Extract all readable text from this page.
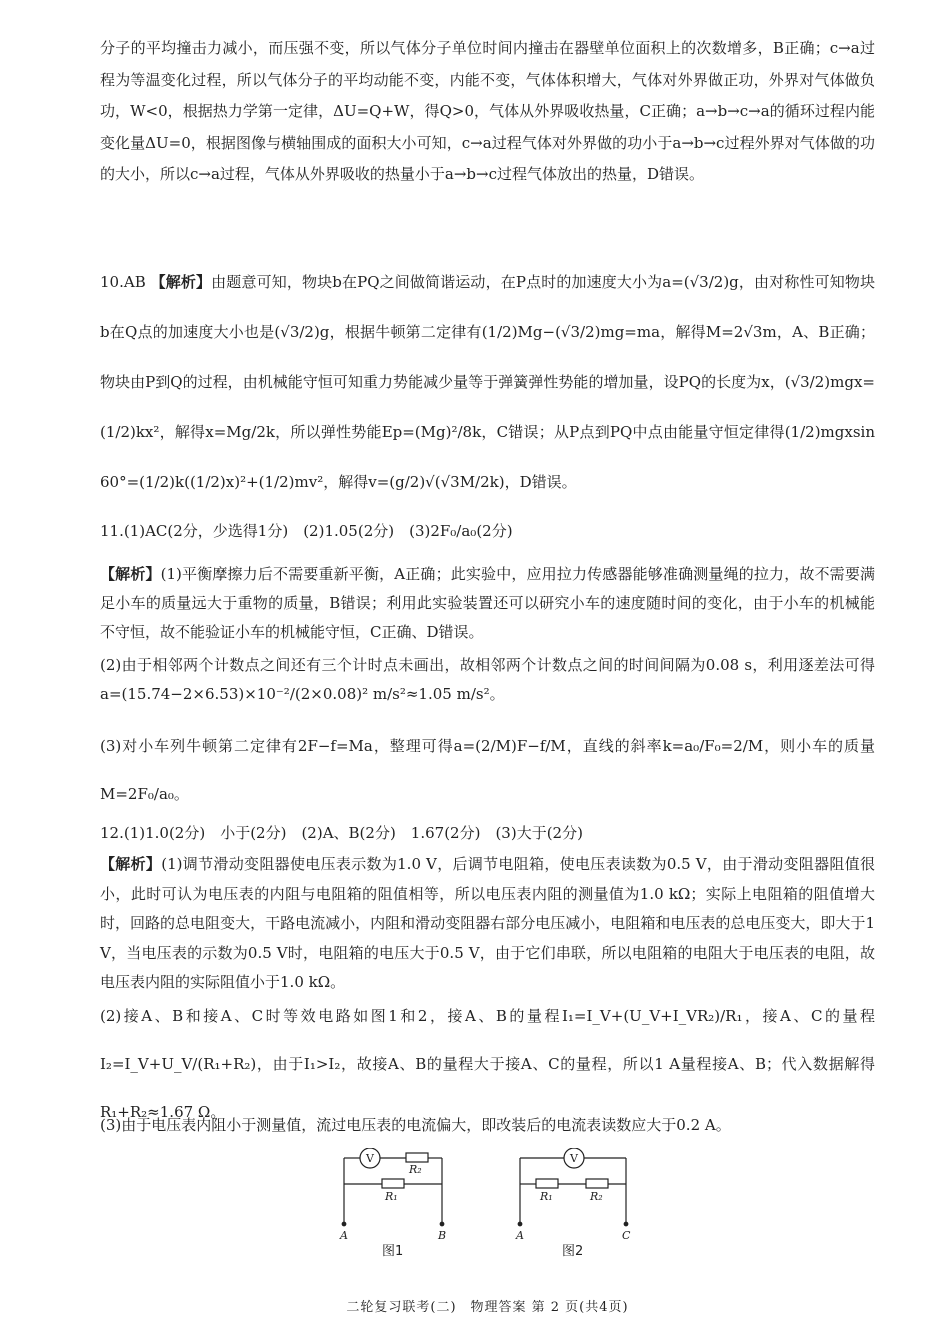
分子的平均撞击力减小，而压强不变，所以气体分子单位时间内撞击在器壁单位面积上的次数增多，B正确；c→a过程为等温变化过程，所以气体分子的平均动能不变，内能不变，气体体积增大，气体对外界做正功，外界对气体做负功，W<0，根据热力学第一定律，ΔU=Q+W，得Q>0，气体从外界吸收热量，C正确；a→b→c→a的循环过程内能变化量ΔU=0，根据图像与横轴围成的面积大小可知，c→a过程气体对外界做的功小于a→b→c过程外界对气体做的功的大小，所以c→a过程，气体从外界吸收的热量小于a→b→c过程气体放出的热量，D错误。

10.AB 【解析】由题意可知，物块b在PQ之间做简谐运动，在P点时的加速度大小为a=(√3/2)g，由对称性可知物块b在Q点的加速度大小也是(√3/2)g，根据牛顿第二定律有(1/2)Mg−(√3/2)mg=ma，解得M=2√3m，A、B正确；物块由P到Q的过程，由机械能守恒可知重力势能减少量等于弹簧弹性势能的增加量，设PQ的长度为x，(√3/2)mgx=(1/2)kx²，解得x=Mg/2k，所以弹性势能Ep=(Mg)²/8k，C错误；从P点到PQ中点由能量守恒定律得(1/2)mgxsin 60°=(1/2)k((1/2)x)²+(1/2)mv²，解得v=(g/2)√(√3M/2k)，D错误。

11.(1)AC(2分，少选得1分)　(2)1.05(2分)　(3)2F₀/a₀(2分)

【解析】(1)平衡摩擦力后不需要重新平衡，A正确；此实验中，应用拉力传感器能够准确测量绳的拉力，故不需要满足小车的质量远大于重物的质量，B错误；利用此实验装置还可以研究小车的速度随时间的变化，由于小车的机械能不守恒，故不能验证小车的机械能守恒，C正确、D错误。

(2)由于相邻两个计数点之间还有三个计时点未画出，故相邻两个计数点之间的时间间隔为0.08 s，利用逐差法可得a=(15.74−2×6.53)×10⁻²/(2×0.08)² m/s²≈1.05 m/s²。

(3)对小车列牛顿第二定律有2F−f=Ma，整理可得a=(2/M)F−f/M，直线的斜率k=a₀/F₀=2/M，则小车的质量M=2F₀/a₀。

12.(1)1.0(2分)　小于(2分)　(2)A、B(2分)　1.67(2分)　(3)大于(2分)

【解析】(1)调节滑动变阻器使电压表示数为1.0 V，后调节电阻箱，使电压表读数为0.5 V，由于滑动变阻器阻值很小，此时可认为电压表的内阻与电阻箱的阻值相等，所以电压表内阻的测量值为1.0 kΩ；实际上电阻箱的阻值增大时，回路的总电阻变大，干路电流减小，内阻和滑动变阻器右部分电压减小，电阻箱和电压表的总电压变大，即大于1 V，当电压表的示数为0.5 V时，电阻箱的电压大于0.5 V，由于它们串联，所以电阻箱的电阻大于电压表的电阻，故电压表内阻的实际阻值小于1.0 kΩ。

(2)接A、B和接A、C时等效电路如图1和2，接A、B的量程I₁=I_V+(U_V+I_VR₂)/R₁，接A、C的量程I₂=I_V+U_V/(R₁+R₂)，由于I₁>I₂，故接A、B的量程大于接A、C的量程，所以1 A量程接A、B；代入数据解得R₁+R₂≈1.67 Ω。

(3)由于电压表内阻小于测量值，流过电压表的电流偏大，即改装后的电流表读数应大于0.2 A。

V
R₂
R₁
A	B
图1
V
R₁	R₂
A	C
图2
二轮复习联考(二)　物理答案 第 2 页(共4页)
